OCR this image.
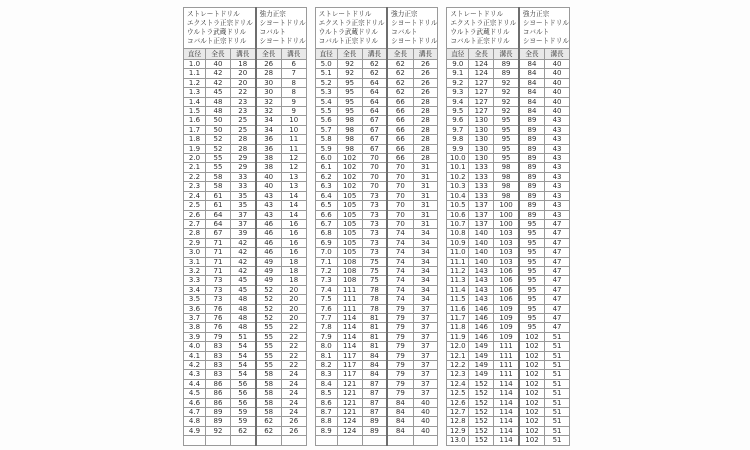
ストレートドリル
エクストラ正宗ドリル
ウルトラ武蔵ドリル
コバルト正宗ドリル

強力正宗
シヨートドリル
コバルト
シヨートドリル

直径	全長	溝長	全長	溝長
1.0	40	18	26	6
1.1	42	20	28	7
1.2	42	20	30	8
1.3	45	22	30	8
1.4	48	23	32	9
1.5	48	23	32	9
1.6	50	25	34	10
1.7	50	25	34	10
1.8	52	28	36	11
1.9	52	28	36	11
2.0	55	29	38	12
2.1	55	29	38	12
2.2	58	33	40	13
2.3	58	33	40	13
2.4	61	35	43	14
2.5	61	35	43	14
2.6	64	37	43	14
2.7	64	37	46	16
2.8	67	39	46	16
2.9	71	42	46	16
3.0	71	42	46	16
3.1	71	42	49	18
3.2	71	42	49	18
3.3	73	45	49	18
3.4	73	45	52	20
3.5	73	48	52	20
3.6	76	48	52	20
3.7	76	48	52	20
3.8	76	48	55	22
3.9	79	51	55	22
4.0	83	54	55	22
4.1	83	54	55	22
4.2	83	54	55	22
4.3	83	54	58	24
4.4	86	56	58	24
4.5	86	56	58	24
4.6	86	56	58	24
4.7	89	59	58	24
4.8	89	59	62	26
4.9	92	62	62	26

ストレートドリル
エクストラ正宗ドリル
ウルトラ武蔵ドリル
コバルト正宗ドリル

強力正宗
シヨートドリル
コバルト
シヨートドリル

直径	全長	溝長	全長	溝長
5.0	92	62	62	26
5.1	92	62	62	26
5.2	95	64	62	26
5.3	95	64	62	26
5.4	95	64	66	28
5.5	95	64	66	28
5.6	98	67	66	28
5.7	98	67	66	28
5.8	98	67	66	28
5.9	98	67	66	28
6.0	102	70	66	28
6.1	102	70	70	31
6.2	102	70	70	31
6.3	102	70	70	31
6.4	105	73	70	31
6.5	105	73	70	31
6.6	105	73	70	31
6.7	105	73	70	31
6.8	105	73	74	34
6.9	105	73	74	34
7.0	105	73	74	34
7.1	108	75	74	34
7.2	108	75	74	34
7.3	108	75	74	34
7.4	111	78	74	34
7.5	111	78	74	34
7.6	111	78	79	37
7.7	114	81	79	37
7.8	114	81	79	37
7.9	114	81	79	37
8.0	114	81	79	37
8.1	117	84	79	37
8.2	117	84	79	37
8.3	117	84	79	37
8.4	121	87	79	37
8.5	121	87	79	37
8.6	121	87	84	40
8.7	121	87	84	40
8.8	124	89	84	40
8.9	124	89	84	40

ストレートドリル
エクストラ正宗ドリル
ウルトラ武蔵ドリル
コバルト正宗ドリル

強力正宗
シヨートドリル
コバルト
シヨートドリル

直径	全長	溝長	全長	溝長
9.0	124	89	84	40
9.1	124	89	84	40
9.2	127	92	84	40
9.3	127	92	84	40
9.4	127	92	84	40
9.5	127	92	84	40
9.6	130	95	89	43
9.7	130	95	89	43
9.8	130	95	89	43
9.9	130	95	89	43
10.0	130	95	89	43
10.1	133	98	89	43
10.2	133	98	89	43
10.3	133	98	89	43
10.4	133	98	89	43
10.5	137	100	89	43
10.6	137	100	89	43
10.7	137	100	95	47
10.8	140	103	95	47
10.9	140	103	95	47
11.0	140	103	95	47
11.1	140	103	95	47
11.2	143	106	95	47
11.3	143	106	95	47
11.4	143	106	95	47
11.5	143	106	95	47
11.6	146	109	95	47
11.7	146	109	95	47
11.8	146	109	95	47
11.9	146	109	102	51
12.0	149	111	102	51
12.1	149	111	102	51
12.2	149	111	102	51
12.3	149	111	102	51
12.4	152	114	102	51
12.5	152	114	102	51
12.6	152	114	102	51
12.7	152	114	102	51
12.8	152	114	102	51
12.9	152	114	102	51
13.0	152	114	102	51
